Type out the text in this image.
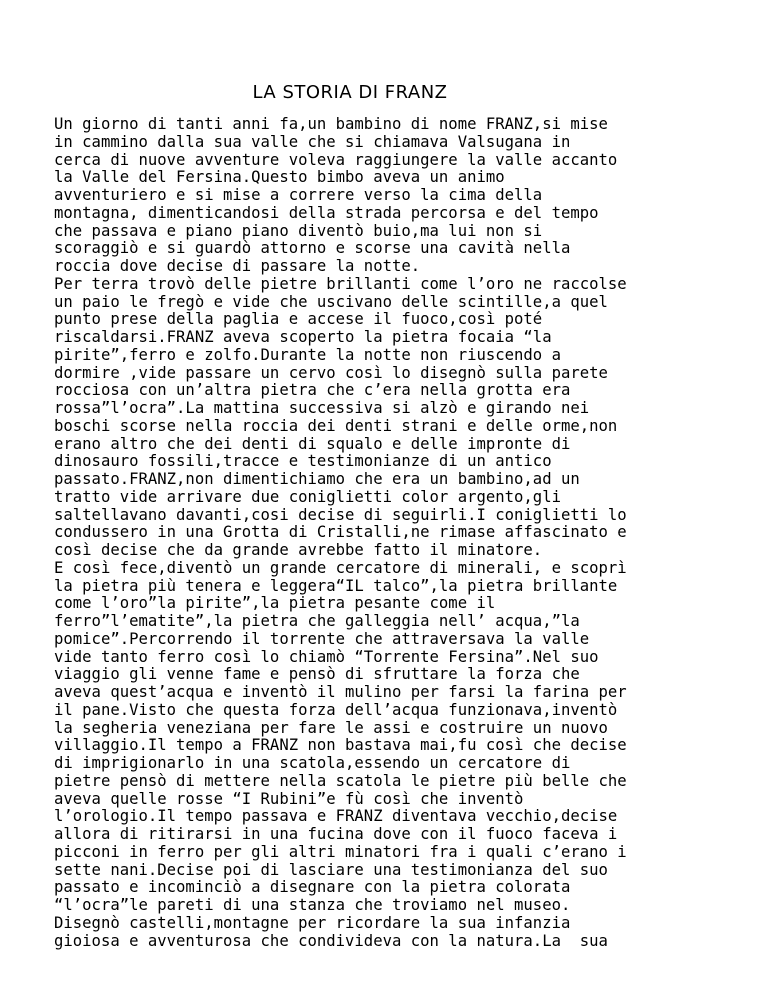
LA STORIA DI FRANZ
Un giorno di tanti anni fa,un bambino di nome FRANZ,si mise
in cammino dalla sua valle che si chiamava Valsugana in
cerca di nuove avventure voleva raggiungere la valle accanto
la Valle del Fersina.Questo bimbo aveva un animo
avventuriero e si mise a correre verso la cima della
montagna, dimenticandosi della strada percorsa e del tempo
che passava e piano piano diventò buio,ma lui non si
scoraggiò e si guardò attorno e scorse una cavità nella
roccia dove decise di passare la notte.
Per terra trovò delle pietre brillanti come l’oro ne raccolse
un paio le fregò e vide che uscivano delle scintille,a quel
punto prese della paglia e accese il fuoco,così poté
riscaldarsi.FRANZ aveva scoperto la pietra focaia “la
pirite”,ferro e zolfo.Durante la notte non riuscendo a
dormire ,vide passare un cervo così lo disegnò sulla parete
rocciosa con un’altra pietra che c’era nella grotta era
rossa”l’ocra”.La mattina successiva si alzò e girando nei
boschi scorse nella roccia dei denti strani e delle orme,non
erano altro che dei denti di squalo e delle impronte di
dinosauro fossili,tracce e testimonianze di un antico
passato.FRANZ,non dimentichiamo che era un bambino,ad un
tratto vide arrivare due coniglietti color argento,gli
saltellavano davanti,cosi decise di seguirli.I coniglietti lo
condussero in una Grotta di Cristalli,ne rimase affascinato e
così decise che da grande avrebbe fatto il minatore.
E così fece,diventò un grande cercatore di minerali, e scoprì
la pietra più tenera e leggera“IL talco”,la pietra brillante
come l’oro”la pirite”,la pietra pesante come il
ferro”l’ematite”,la pietra che galleggia nell’ acqua,”la
pomice”.Percorrendo il torrente che attraversava la valle
vide tanto ferro così lo chiamò “Torrente Fersina”.Nel suo
viaggio gli venne fame e pensò di sfruttare la forza che
aveva quest’acqua e inventò il mulino per farsi la farina per
il pane.Visto che questa forza dell’acqua funzionava,inventò
la segheria veneziana per fare le assi e costruire un nuovo
villaggio.Il tempo a FRANZ non bastava mai,fu così che decise
di imprigionarlo in una scatola,essendo un cercatore di
pietre pensò di mettere nella scatola le pietre più belle che
aveva quelle rosse “I Rubini”e fù così che inventò
l’orologio.Il tempo passava e FRANZ diventava vecchio,decise
allora di ritirarsi in una fucina dove con il fuoco faceva i
picconi in ferro per gli altri minatori fra i quali c’erano i
sette nani.Decise poi di lasciare una testimonianza del suo
passato e incominciò a disegnare con la pietra colorata
“l’ocra”le pareti di una stanza che troviamo nel museo.
Disegnò castelli,montagne per ricordare la sua infanzia
gioiosa e avventurosa che condivideva con la natura.La  sua
